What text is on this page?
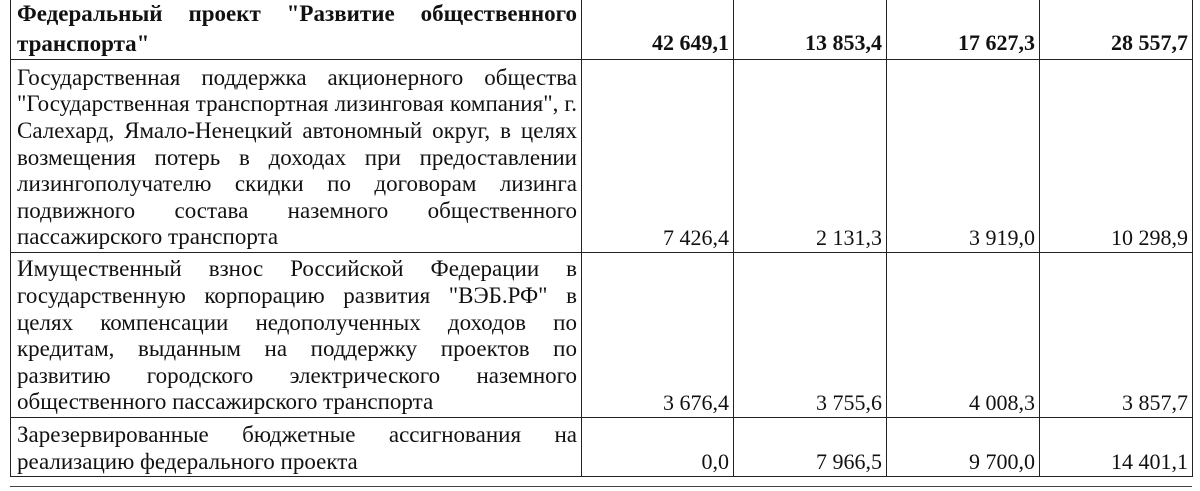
Федеральный проект "Развитие общественного транспорта"	42 649,1	13 853,4	17 627,3	28 557,7
Государственная поддержка акционерного общества "Государственная транспортная лизинговая компания", г. Салехард, Ямало-Ненецкий автономный округ, в целях возмещения потерь в доходах при предоставлении лизингополучателю скидки по договорам лизинга подвижного состава наземного общественного пассажирского транспорта	7 426,4	2 131,3	3 919,0	10 298,9
Имущественный взнос Российской Федерации в государственную корпорацию развития "ВЭБ.РФ" в целях компенсации недополученных доходов по кредитам, выданным на поддержку проектов по развитию городского электрического наземного общественного пассажирского транспорта	3 676,4	3 755,6	4 008,3	3 857,7
Зарезервированные бюджетные ассигнования на реализацию федерального проекта	0,0	7 966,5	9 700,0	14 401,1
